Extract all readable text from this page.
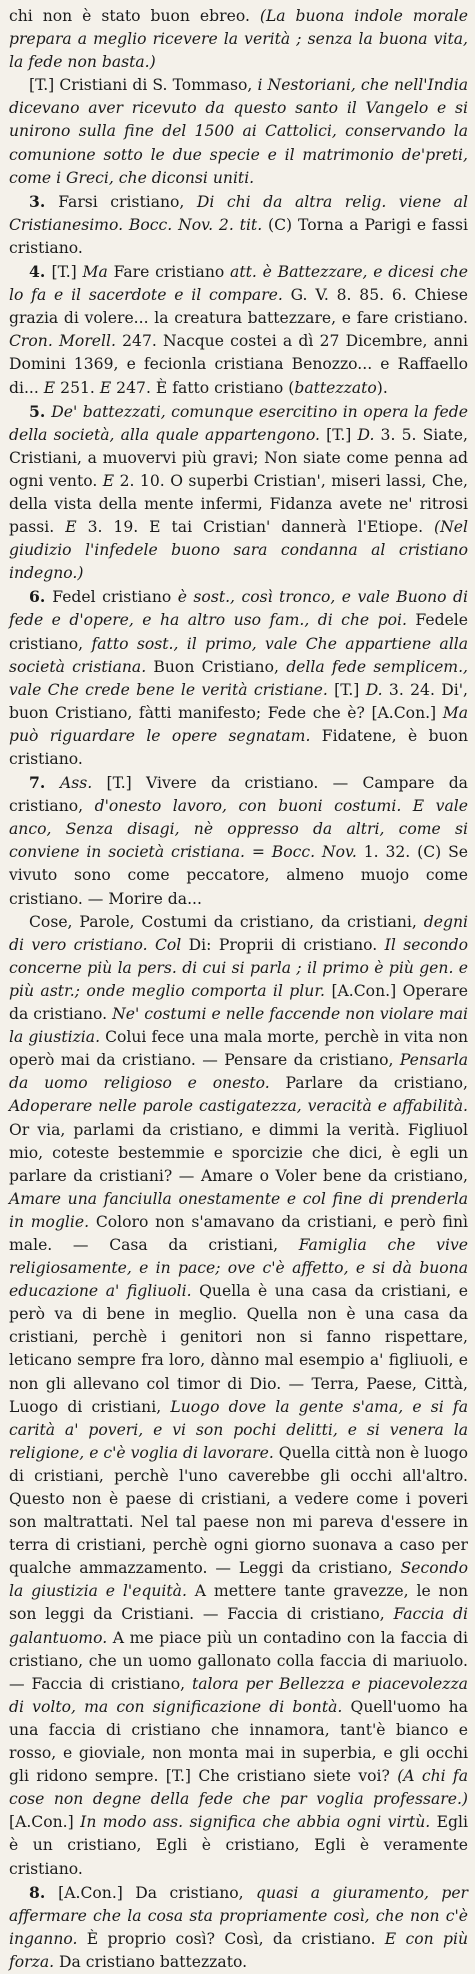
chi non è stato buon ebreo. (La buona indole morale prepara a meglio ricevere la verità ; senza la buona vita, la fede non basta.)

[T.] Cristiani di S. Tommaso, i Nestoriani, che nell'India dicevano aver ricevuto da questo santo il Vangelo e si unirono sulla fine del 1500 ai Cattolici, conservando la comunione sotto le due specie e il matrimonio de'preti, come i Greci, che diconsi uniti.

3. Farsi cristiano, Di chi da altra relig. viene al Cristianesimo. Bocc. Nov. 2. tit. (C) Torna a Parigi e fassi cristiano.

4. [T.] Ma Fare cristiano att. è Battezzare, e dicesi che lo fa e il sacerdote e il compare. G. V. 8. 85. 6. Chiese grazia di volere... la creatura battezzare, e fare cristiano. Cron. Morell. 247. Nacque costei a dì 27 Dicembre, anni Domini 1369, e fecionla cristiana Benozzo... e Raffaello di... E 251. E 247. È fatto cristiano (battezzato).

5. De' battezzati, comunque esercitino in opera la fede della società, alla quale appartengono. [T.] D. 3. 5. Siate, Cristiani, a muovervi più gravi; Non siate come penna ad ogni vento. E 2. 10. O superbi Cristian', miseri lassi, Che, della vista della mente infermi, Fidanza avete ne' ritrosi passi. E 3. 19. E tai Cristian' dannerà l'Etiope. (Nel giudizio l'infedele buono sara condanna al cristiano indegno.)

6. Fedel cristiano è sost., così tronco, e vale Buono di fede e d'opere, e ha altro uso fam., di che poi. Fedele cristiano, fatto sost., il primo, vale Che appartiene alla società cristiana. Buon Cristiano, della fede semplicem., vale Che crede bene le verità cristiane. [T.] D. 3. 24. Di', buon Cristiano, fàtti manifesto; Fede che è? [A.Con.] Ma può riguardare le opere segnatam. Fidatene, è buon cristiano.

7. Ass. [T.] Vivere da cristiano. — Campare da cristiano, d'onesto lavoro, con buoni costumi. E vale anco, Senza disagi, nè oppresso da altri, come si conviene in società cristiana. = Bocc. Nov. 1. 32. (C) Se vivuto sono come peccatore, almeno muojo come cristiano. — Morire da...

Cose, Parole, Costumi da cristiano, da cristiani, degni di vero cristiano. Col Di: Proprii di cristiano. Il secondo concerne più la pers. di cui si parla ; il primo è più gen. e più astr.; onde meglio comporta il plur. [A.Con.] Operare da cristiano. Ne' costumi e nelle faccende non violare mai la giustizia. Colui fece una mala morte, perchè in vita non operò mai da cristiano. — Pensare da cristiano, Pensarla da uomo religioso e onesto. Parlare da cristiano, Adoperare nelle parole castigatezza, veracità e affabilità. Or via, parlami da cristiano, e dimmi la verità. Figliuol mio, coteste bestemmie e sporcizie che dici, è egli un parlare da cristiani? — Amare o Voler bene da cristiano, Amare una fanciulla onestamente e col fine di prenderla in moglie. Coloro non s'amavano da cristiani, e però finì male. — Casa da cristiani, Famiglia che vive religiosamente, e in pace; ove c'è affetto, e si dà buona educazione a' figliuoli. Quella è una casa da cristiani, e però va di bene in meglio. Quella non è una casa da cristiani, perchè i genitori non si fanno rispettare, leticano sempre fra loro, dànno mal esempio a' figliuoli, e non gli allevano col timor di Dio. — Terra, Paese, Città, Luogo di cristiani, Luogo dove la gente s'ama, e si fa carità a' poveri, e vi son pochi delitti, e si venera la religione, e c'è voglia di lavorare. Quella città non è luogo di cristiani, perchè l'uno caverebbe gli occhi all'altro. Questo non è paese di cristiani, a vedere come i poveri son maltrattati. Nel tal paese non mi pareva d'essere in terra di cristiani, perchè ogni giorno suonava a caso per qualche ammazzamento. — Leggi da cristiano, Secondo la giustizia e l'equità. A mettere tante gravezze, le non son leggi da Cristiani. — Faccia di cristiano, Faccia di galantuomo. A me piace più un contadino con la faccia di cristiano, che un uomo gallonato colla faccia di mariuolo. — Faccia di cristiano, talora per Bellezza e piacevolezza di volto, ma con significazione di bontà. Quell'uomo ha una faccia di cristiano che innamora, tant'è bianco e rosso, e gioviale, non monta mai in superbia, e gli occhi gli ridono sempre. [T.] Che cristiano siete voi? (A chi fa cose non degne della fede che par voglia professare.) [A.Con.] In modo ass. significa che abbia ogni virtù. Egli è un cristiano, Egli è cristiano, Egli è veramente cristiano.

8. [A.Con.] Da cristiano, quasi a giuramento, per affermare che la cosa sta propriamente così, che non c'è inganno. È proprio così? Così, da cristiano. E con più forza. Da cristiano battezzato.
